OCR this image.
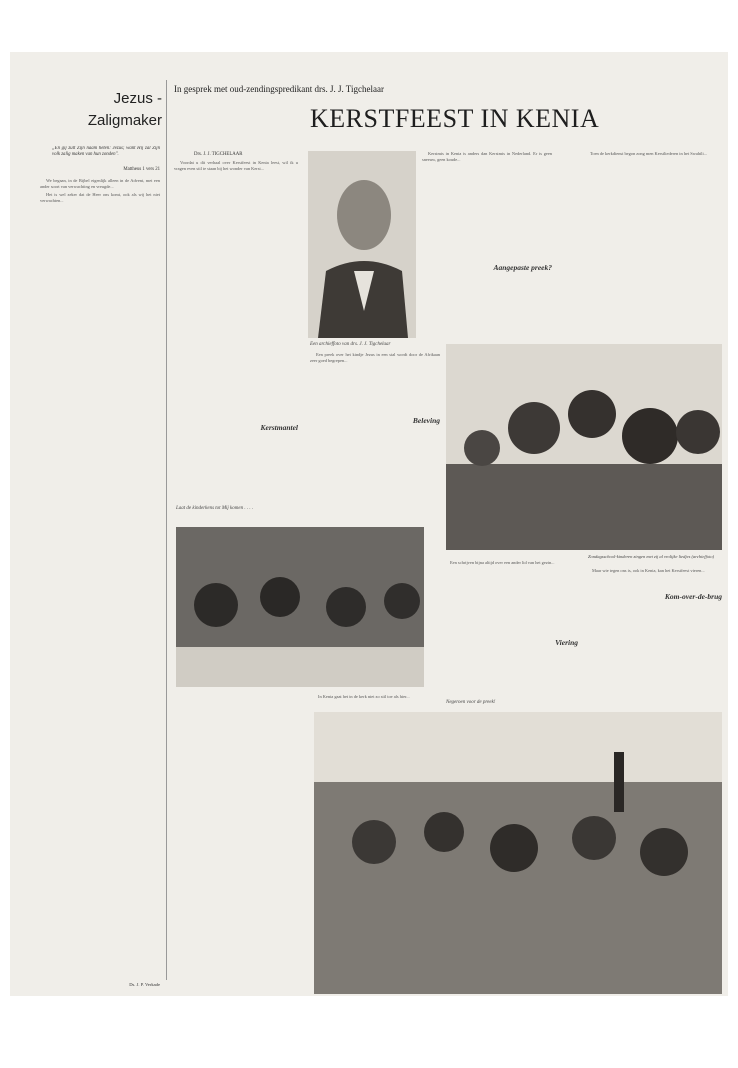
Jezus -
Zaligmaker
„En gij zult Zijn naam heten: Jezus; want Hij zal Zijn volk zalig maken van hun zonden".
Mattheus 1 vers 21

We begaan, in de Bijbel eigenlijk alleen in de Advent, met een ander soort van verwachting en vreugde...

Het is wel zeker dat de Heer ons komt, ook als wij het niet verwachten...

Ds. J. P. Verkade
In gesprek met oud-zendingspredikant drs. J. J. Tigchelaar
KERSTFEEST IN KENIA
Drs. J. J. TIGCHELAAR

Voordat u dit verhaal over Kerstfeest in Kenia leest, wil ik u vragen even stil te staan bij het wonder van Kerst...

Kerstmantel
Laat de kinderkens tot Mij komen . . . .
Een archieffoto van drs. J. J. Tigchelaar

Kerstmis in Kenia is anders dan Kerstmis in Nederland. Er is geen sneeuw, geen koude...

Aangepaste preek?

Toen de kerkdienst begon zong men Kerstliederen in het Swahili...

Een preek over het kindje Jezus in een stal wordt door de Afrikaan zeer goed begrepen...

Beleving
Zondagsschool-kinderen zingen met zij al vrolijke liedjes (archieffoto)

Een schrijven bijna altijd over een ander lid van het gezin...

Viering
Negeroen voor de preek!

Maar wie tegen ons is, ook in Kenia, kan het Kerstfeest vieren...

Kom-over-de-brug

In Kenia gaat het in de kerk niet zo stil toe als hier...
